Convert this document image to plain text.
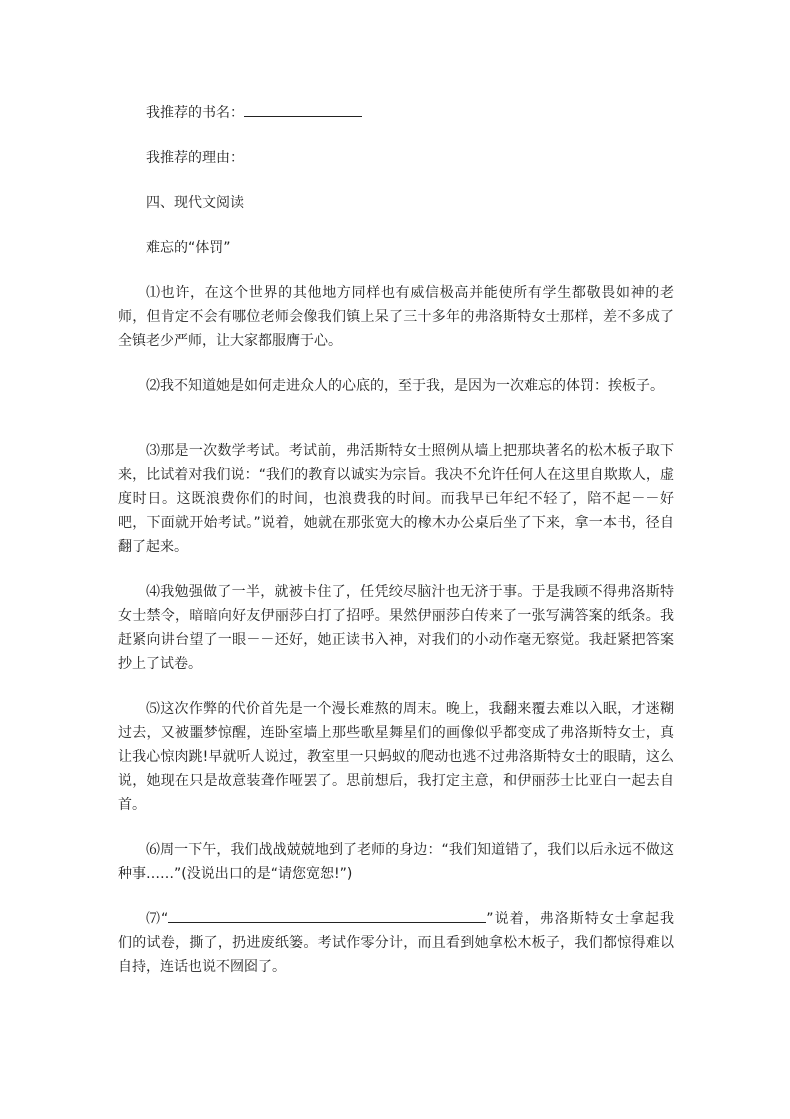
我推荐的书名：

我推荐的理由：

四、现代文阅读

难忘的“体罚”

⑴也许，在这个世界的其他地方同样也有威信极高并能使所有学生都敬畏如神的老师，但肯定不会有哪位老师会像我们镇上呆了三十多年的弗洛斯特女士那样，差不多成了全镇老少严师，让大家都服膺于心。

⑵我不知道她是如何走进众人的心底的，至于我，是因为一次难忘的体罚：挨板子。

⑶那是一次数学考试。考试前，弗活斯特女士照例从墙上把那块著名的松木板子取下来，比试着对我们说：“我们的教育以诚实为宗旨。我决不允许任何人在这里自欺欺人，虚度时日。这既浪费你们的时间，也浪费我的时间。而我早已年纪不轻了，陪不起－－好吧，下面就开始考试。”说着，她就在那张宽大的橡木办公桌后坐了下来，拿一本书，径自翻了起来。

⑷我勉强做了一半，就被卡住了，任凭绞尽脑汁也无济于事。于是我顾不得弗洛斯特女士禁令，暗暗向好友伊丽莎白打了招呼。果然伊丽莎白传来了一张写满答案的纸条。我赶紧向讲台望了一眼－－还好，她正读书入神，对我们的小动作毫无察觉。我赶紧把答案抄上了试卷。

⑸这次作弊的代价首先是一个漫长难熬的周末。晚上，我翻来覆去难以入眠，才迷糊过去，又被噩梦惊醒，连卧室墙上那些歌星舞星们的画像似乎都变成了弗洛斯特女士，真让我心惊肉跳!早就听人说过，教室里一只蚂蚁的爬动也逃不过弗洛斯特女士的眼睛，这么说，她现在只是故意装聋作哑罢了。思前想后，我打定主意，和伊丽莎士比亚白一起去自首。

⑹周一下午，我们战战兢兢地到了老师的身边：“我们知道错了，我们以后永远不做这种事……”(没说出口的是“请您宽恕!”)

⑺“	”说着，弗洛斯特女士拿起我们的试卷，撕了，扔进废纸篓。考试作零分计，而且看到她拿松木板子，我们都惊得难以自持，连话也说不囫囵了。
